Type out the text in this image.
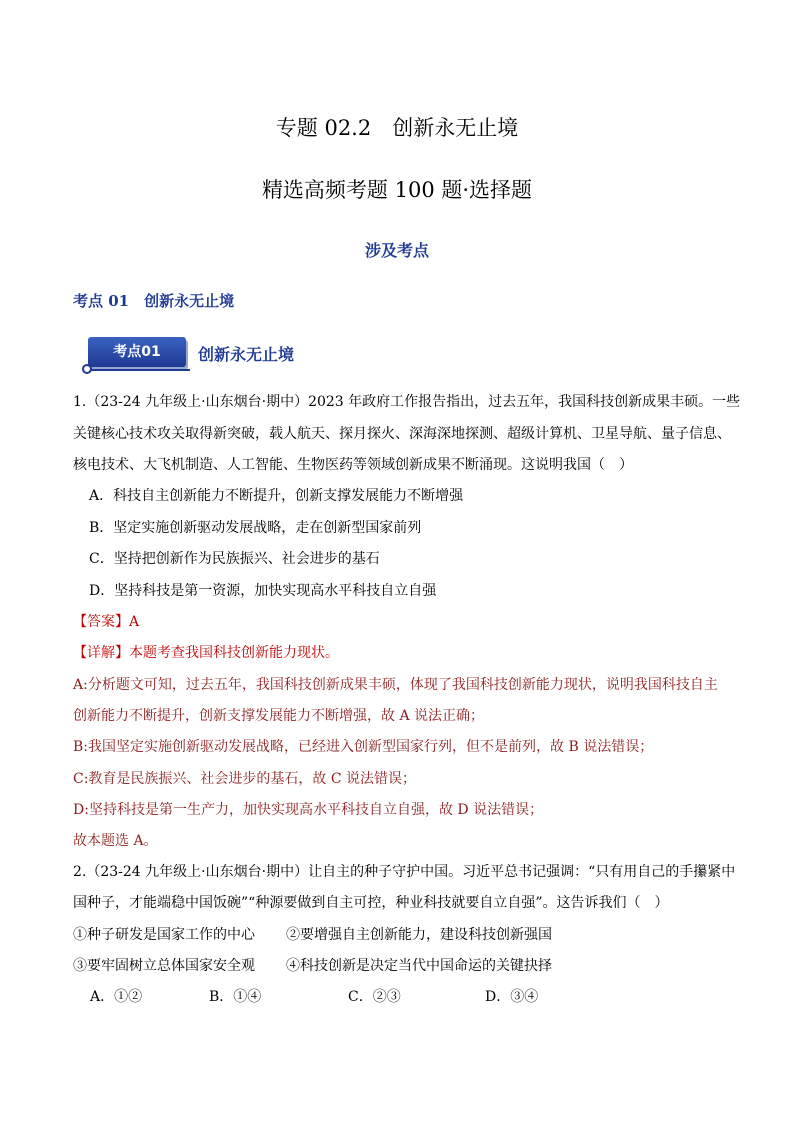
专题 02.2　创新永无止境
精选高频考题 100 题·选择题
涉及考点
考点 01　创新永无止境
考点01	创新永无止境
1.（23-24 九年级上·山东烟台·期中）2023 年政府工作报告指出，过去五年，我国科技创新成果丰硕。一些
关键核心技术攻关取得新突破，载人航天、探月探火、深海深地探测、超级计算机、卫星导航、量子信息、
核电技术、大飞机制造、人工智能、生物医药等领域创新成果不断涌现。这说明我国（　）
A．科技自主创新能力不断提升，创新支撑发展能力不断增强
B．坚定实施创新驱动发展战略，走在创新型国家前列
C．坚持把创新作为民族振兴、社会进步的基石
D．坚持科技是第一资源，加快实现高水平科技自立自强
【答案】A
【详解】本题考查我国科技创新能力现状。
A:分析题文可知，过去五年，我国科技创新成果丰硕，体现了我国科技创新能力现状，说明我国科技自主
创新能力不断提升，创新支撑发展能力不断增强，故 A 说法正确；
B:我国坚定实施创新驱动发展战略，已经进入创新型国家行列，但不是前列，故 B 说法错误；
C:教育是民族振兴、社会进步的基石，故 C 说法错误；
D:坚持科技是第一生产力，加快实现高水平科技自立自强，故 D 说法错误；
故本题选 A。
2.（23-24 九年级上·山东烟台·期中）让自主的种子守护中国。习近平总书记强调：“只有用自己的手攥紧中
国种子，才能端稳中国饭碗”“种源要做到自主可控，种业科技就要自立自强”。这告诉我们（　）
①种子研发是国家工作的中心 ②要增强自主创新能力，建设科技创新强国
③要牢固树立总体国家安全观 ④科技创新是决定当代中国命运的关键抉择
A．①②	B．①④	C．②③	D．③④
